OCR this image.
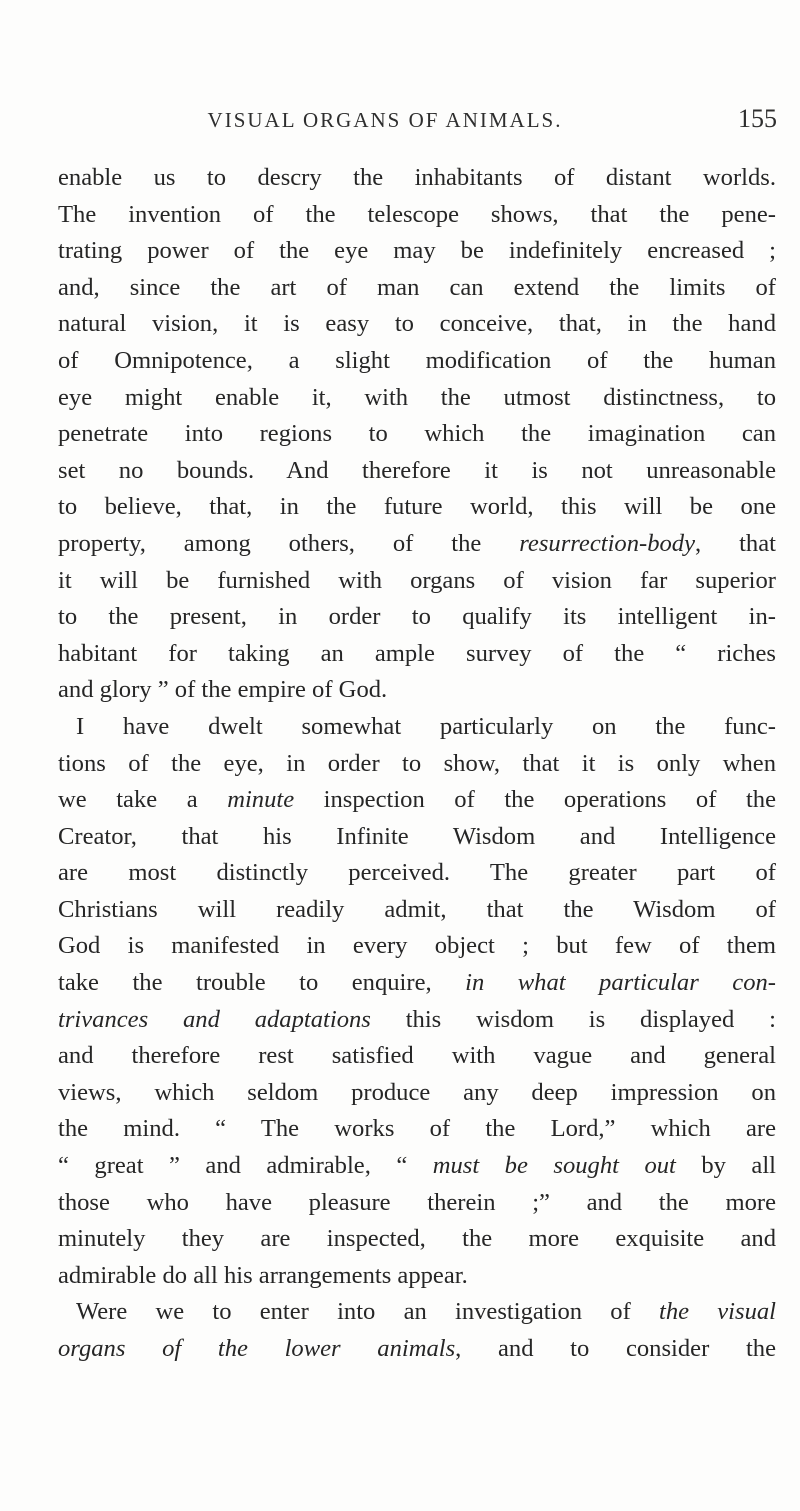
VISUAL ORGANS OF ANIMALS.	155
enable us to descry the inhabitants of distant worlds.
The invention of the telescope shows, that the pene-
trating power of the eye may be indefinitely encreased ;
and, since the art of man can extend the limits of
natural vision, it is easy to conceive, that, in the hand
of Omnipotence, a slight modification of the human
eye might enable it, with the utmost distinctness, to
penetrate into regions to which the imagination can
set no bounds. And therefore it is not unreasonable
to believe, that, in the future world, this will be one
property, among others, of the resurrection-body, that
it will be furnished with organs of vision far superior
to the present, in order to qualify its intelligent in-
habitant for taking an ample survey of the “ riches
and glory ” of the empire of God.
I have dwelt somewhat particularly on the func-
tions of the eye, in order to show, that it is only when
we take a minute inspection of the operations of the
Creator, that his Infinite Wisdom and Intelligence
are most distinctly perceived. The greater part of
Christians will readily admit, that the Wisdom of
God is manifested in every object ; but few of them
take the trouble to enquire, in what particular con-
trivances and adaptations this wisdom is displayed :
and therefore rest satisfied with vague and general
views, which seldom produce any deep impression on
the mind. “ The works of the Lord,” which are
“ great ” and admirable, “ must be sought out by all
those who have pleasure therein ;” and the more
minutely they are inspected, the more exquisite and
admirable do all his arrangements appear.
Were we to enter into an investigation of the visual
organs of the lower animals, and to consider the
